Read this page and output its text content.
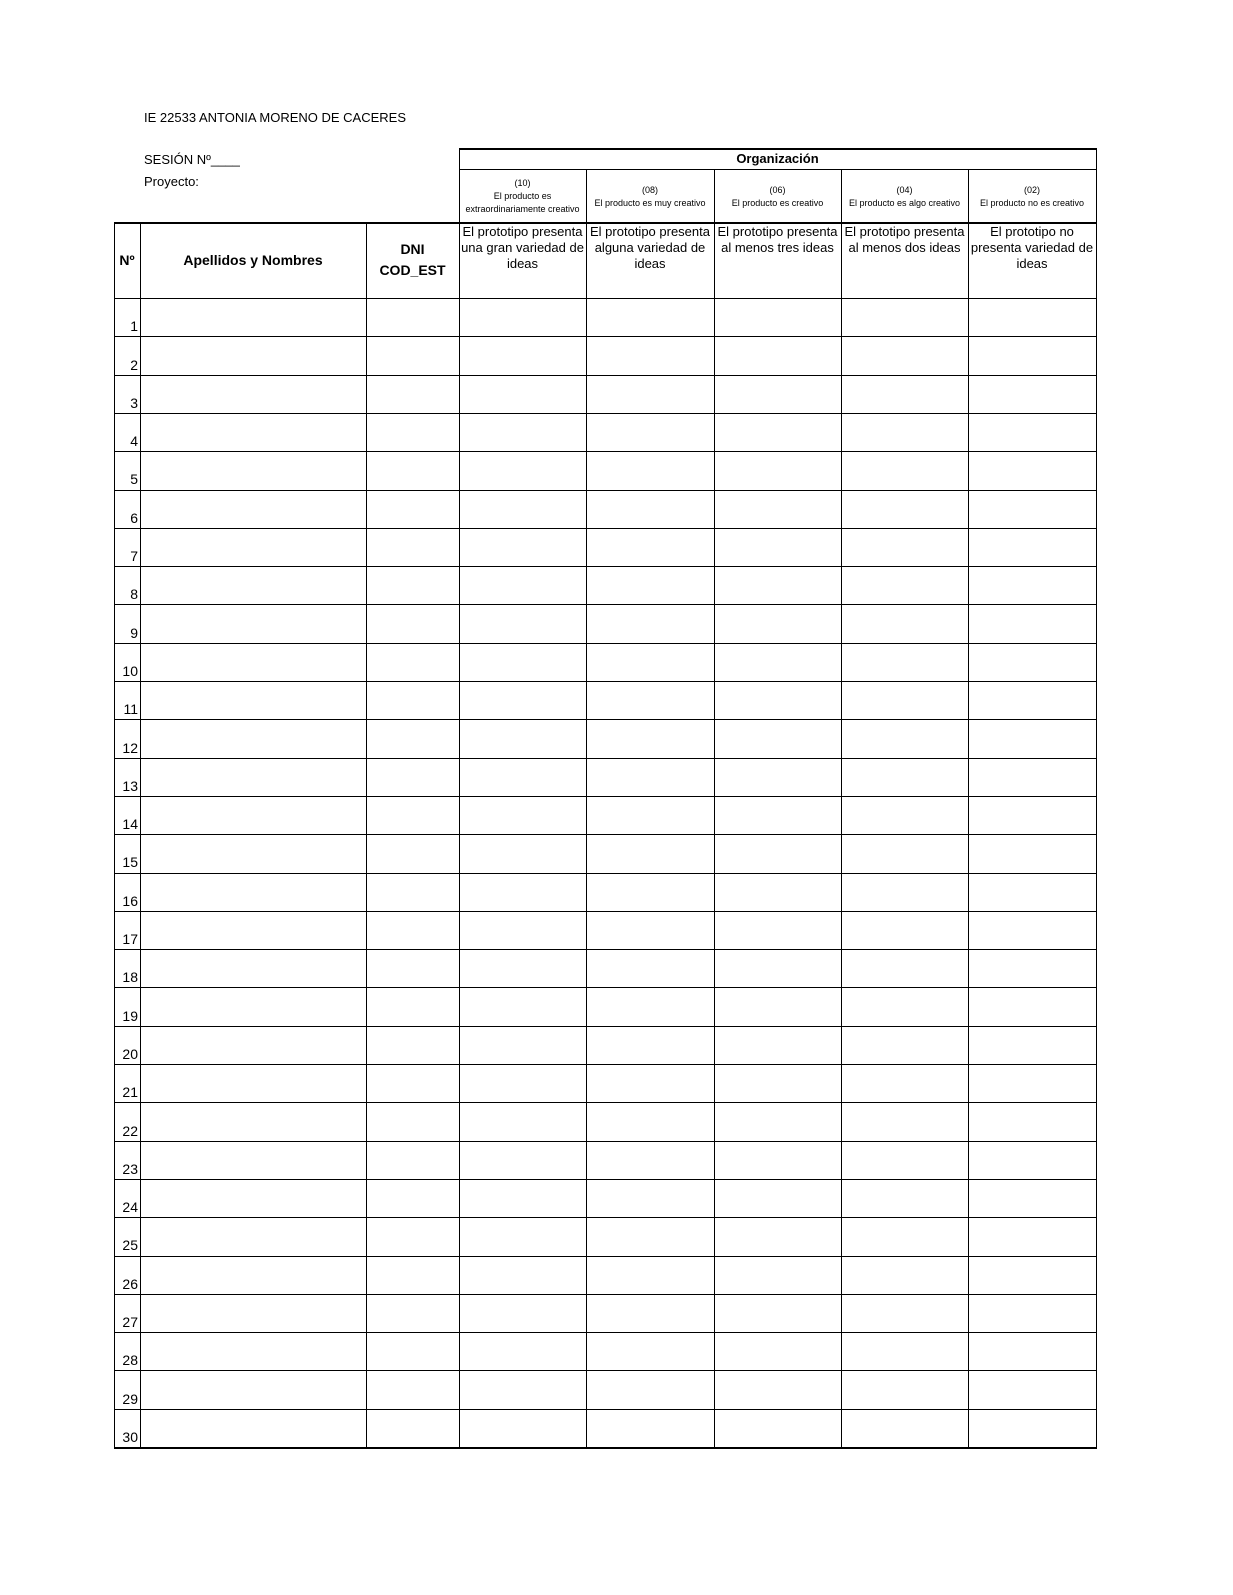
IE 22533 ANTONIA MORENO DE CACERES
SESIÓN Nº____
Proyecto:
Organización
(10)
El producto es extraordinariamente creativo
El prototipo presenta una gran variedad de ideas
(08)
El producto es muy creativo
El prototipo presenta alguna variedad de ideas
(06)
El producto es creativo
El prototipo presenta al menos tres ideas
(04)
El producto es algo creativo
El prototipo presenta al menos dos ideas
(02)
El producto no es creativo
El prototipo no presenta variedad de ideas
Nº	Apellidos y Nombres
DNI
COD_EST
1
2
3
4
5
6
7
8
9
10
11
12
13
14
15
16
17
18
19
20
21
22
23
24
25
26
27
28
29
30
